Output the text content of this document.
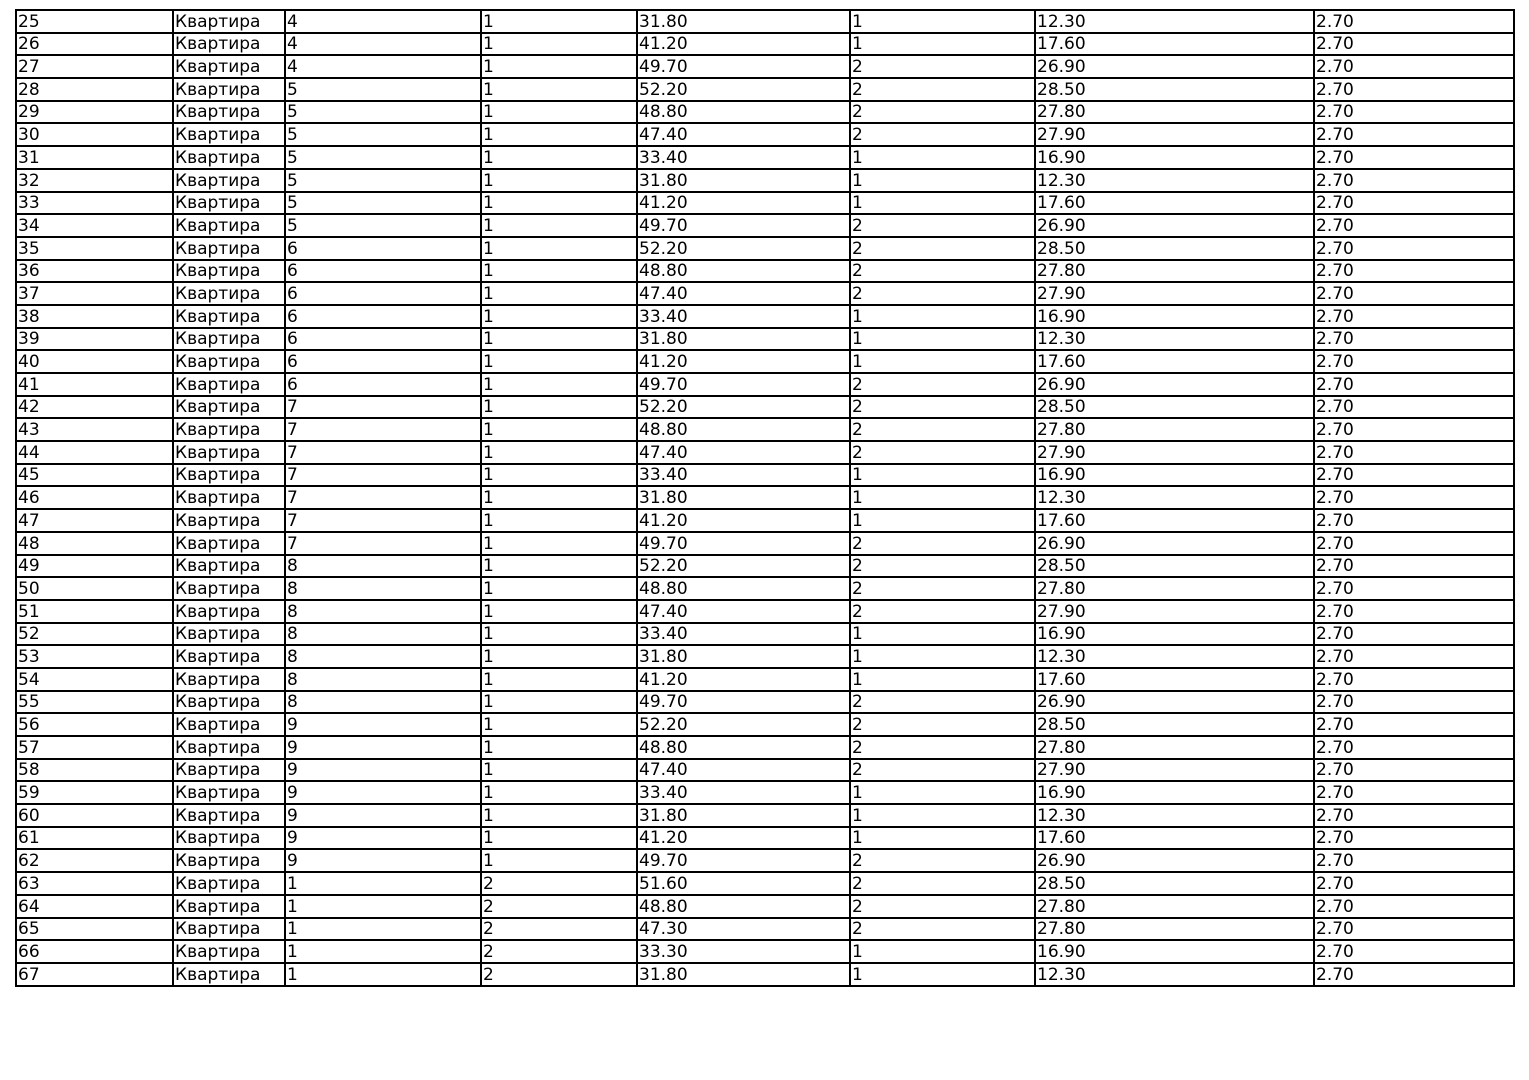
25	Квартира	4	1	31.80	1	12.30	2.70
26	Квартира	4	1	41.20	1	17.60	2.70
27	Квартира	4	1	49.70	2	26.90	2.70
28	Квартира	5	1	52.20	2	28.50	2.70
29	Квартира	5	1	48.80	2	27.80	2.70
30	Квартира	5	1	47.40	2	27.90	2.70
31	Квартира	5	1	33.40	1	16.90	2.70
32	Квартира	5	1	31.80	1	12.30	2.70
33	Квартира	5	1	41.20	1	17.60	2.70
34	Квартира	5	1	49.70	2	26.90	2.70
35	Квартира	6	1	52.20	2	28.50	2.70
36	Квартира	6	1	48.80	2	27.80	2.70
37	Квартира	6	1	47.40	2	27.90	2.70
38	Квартира	6	1	33.40	1	16.90	2.70
39	Квартира	6	1	31.80	1	12.30	2.70
40	Квартира	6	1	41.20	1	17.60	2.70
41	Квартира	6	1	49.70	2	26.90	2.70
42	Квартира	7	1	52.20	2	28.50	2.70
43	Квартира	7	1	48.80	2	27.80	2.70
44	Квартира	7	1	47.40	2	27.90	2.70
45	Квартира	7	1	33.40	1	16.90	2.70
46	Квартира	7	1	31.80	1	12.30	2.70
47	Квартира	7	1	41.20	1	17.60	2.70
48	Квартира	7	1	49.70	2	26.90	2.70
49	Квартира	8	1	52.20	2	28.50	2.70
50	Квартира	8	1	48.80	2	27.80	2.70
51	Квартира	8	1	47.40	2	27.90	2.70
52	Квартира	8	1	33.40	1	16.90	2.70
53	Квартира	8	1	31.80	1	12.30	2.70
54	Квартира	8	1	41.20	1	17.60	2.70
55	Квартира	8	1	49.70	2	26.90	2.70
56	Квартира	9	1	52.20	2	28.50	2.70
57	Квартира	9	1	48.80	2	27.80	2.70
58	Квартира	9	1	47.40	2	27.90	2.70
59	Квартира	9	1	33.40	1	16.90	2.70
60	Квартира	9	1	31.80	1	12.30	2.70
61	Квартира	9	1	41.20	1	17.60	2.70
62	Квартира	9	1	49.70	2	26.90	2.70
63	Квартира	1	2	51.60	2	28.50	2.70
64	Квартира	1	2	48.80	2	27.80	2.70
65	Квартира	1	2	47.30	2	27.80	2.70
66	Квартира	1	2	33.30	1	16.90	2.70
67	Квартира	1	2	31.80	1	12.30	2.70
